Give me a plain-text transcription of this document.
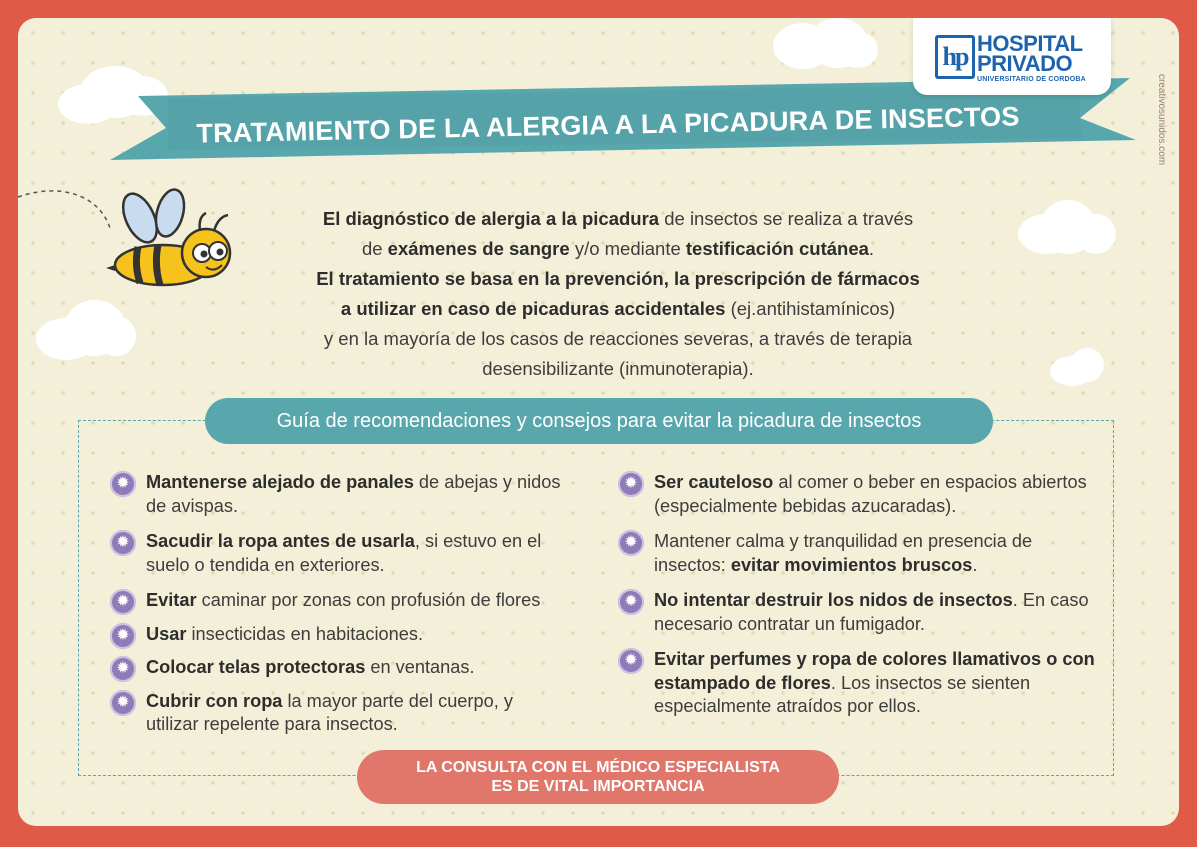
TRATAMIENTO DE LA ALERGIA A LA PICADURA DE INSECTOS
hp HOSPITAL
PRIVADO
UNIVERSITARIO DE CORDOBA	creativosunidos.com
El diagnóstico de alergia a la picadura de insectos se realiza a través
de exámenes de sangre y/o mediante testificación cutánea.
El tratamiento se basa en la prevención, la prescripción de fármacos
a utilizar en caso de picaduras accidentales (ej.antihistamínicos)
y en la mayoría de los casos de reacciones severas, a través de terapia
desensibilizante (inmunoterapia).
Guía de recomendaciones y consejos para evitar la picadura de insectos
✹ Mantenerse alejado de panales de abejas y nidos de avispas.
✹ Sacudir la ropa antes de usarla, si estuvo en el suelo o tendida en exteriores.
✹ Evitar caminar por zonas con profusión de flores
✹ Usar insecticidas en habitaciones.
✹ Colocar telas protectoras en ventanas.
✹ Cubrir con ropa la mayor parte del cuerpo, y utilizar repelente para insectos.
✹ Ser cauteloso al comer o beber en espacios abiertos (especialmente bebidas azucaradas).
✹ Mantener calma y tranquilidad en presencia de insectos: evitar movimientos bruscos.
✹ No intentar destruir los nidos de insectos. En caso necesario contratar un fumigador.
✹ Evitar perfumes y ropa de colores llamativos o con estampado de flores. Los insectos se sienten especialmente atraídos por ellos.
LA CONSULTA CON EL MÉDICO ESPECIALISTA
ES DE VITAL IMPORTANCIA
